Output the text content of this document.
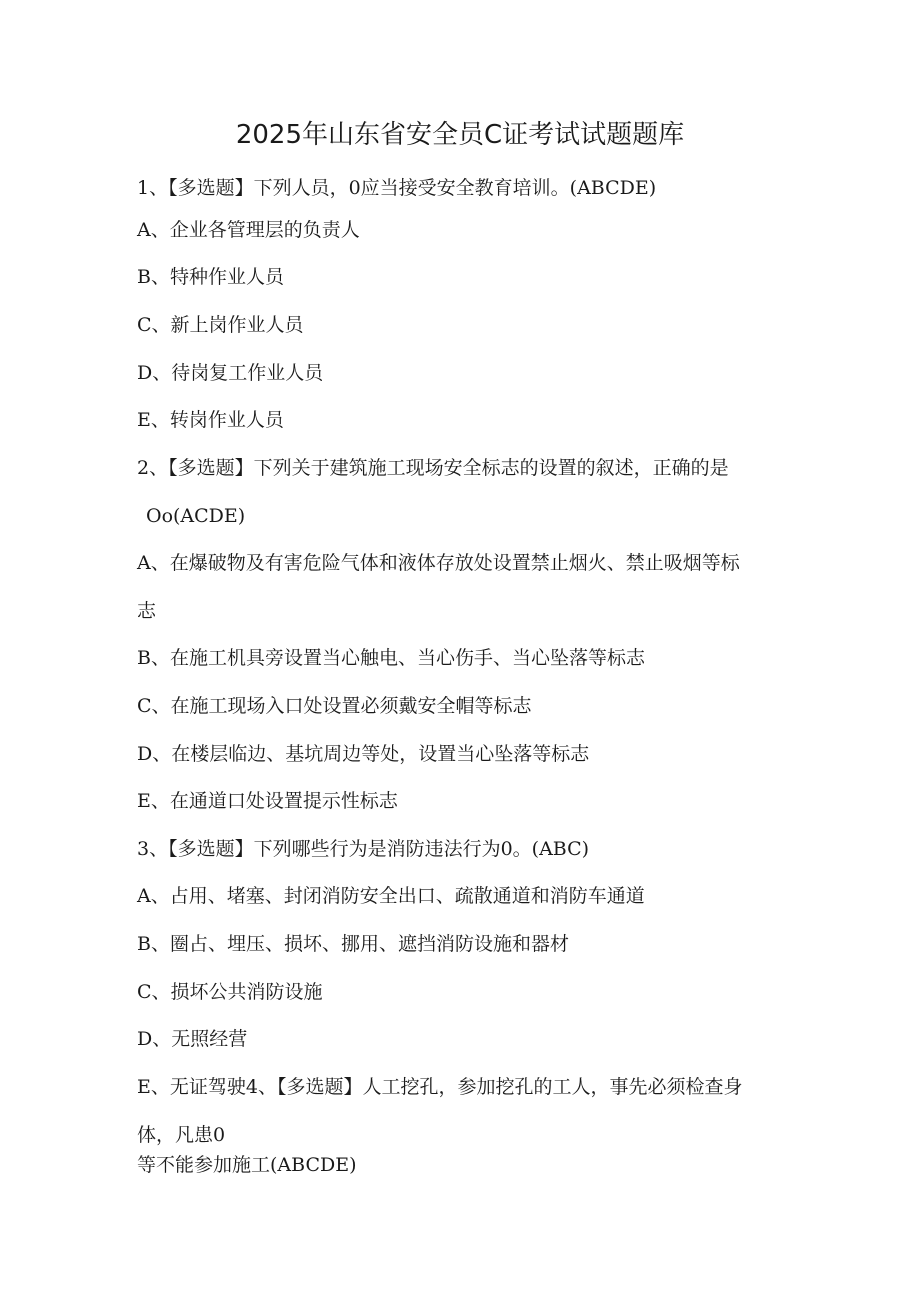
2025年山东省安全员C证考试试题题库
1、【多选题】下列人员，0应当接受安全教育培训。(ABCDE)
A、企业各管理层的负责人
B、特种作业人员
C、新上岗作业人员
D、待岗复工作业人员
E、转岗作业人员
2、【多选题】下列关于建筑施工现场安全标志的设置的叙述，正确的是
Oo(ACDE)
A、在爆破物及有害危险气体和液体存放处设置禁止烟火、禁止吸烟等标
志
B、在施工机具旁设置当心触电、当心伤手、当心坠落等标志
C、在施工现场入口处设置必须戴安全帽等标志
D、在楼层临边、基坑周边等处，设置当心坠落等标志
E、在通道口处设置提示性标志
3、【多选题】下列哪些行为是消防违法行为0。(ABC)
A、占用、堵塞、封闭消防安全出口、疏散通道和消防车通道
B、圈占、埋压、损坏、挪用、遮挡消防设施和器材
C、损坏公共消防设施
D、无照经营
E、无证驾驶4、【多选题】人工挖孔，参加挖孔的工人，事先必须检查身
体，凡患0
等不能参加施工(ABCDE)
